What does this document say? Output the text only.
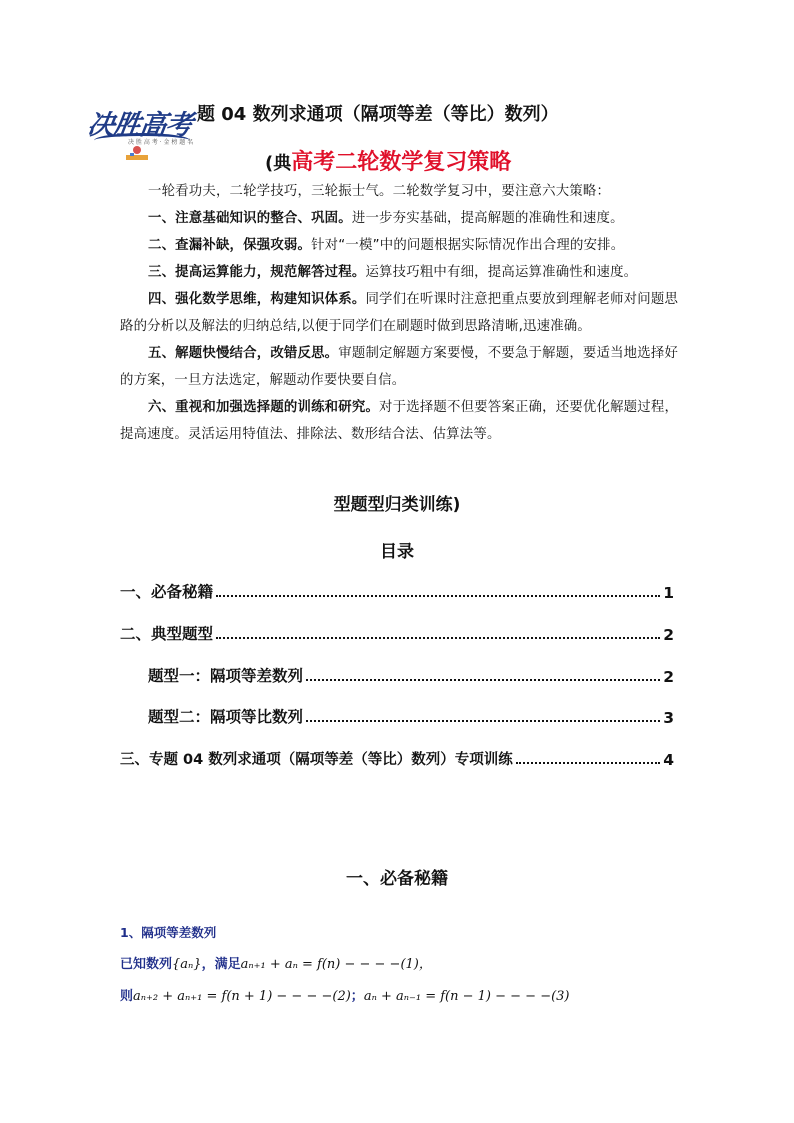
决胜高考
决 胜 高 考 · 金 榜 题 名
题 04 数列求通项（隔项等差（等比）数列）
(典高考二轮数学复习策略
一轮看功夫，二轮学技巧，三轮振士气。二轮数学复习中，要注意六大策略：
一、注意基础知识的整合、巩固。进一步夯实基础，提高解题的准确性和速度。
二、查漏补缺，保强攻弱。针对“一模”中的问题根据实际情况作出合理的安排。
三、提高运算能力，规范解答过程。运算技巧粗中有细，提高运算准确性和速度。
四、强化数学思维，构建知识体系。同学们在听课时注意把重点要放到理解老师对问题思路的分析以及解法的归纳总结,以便于同学们在刷题时做到思路清晰,迅速准确。
五、解题快慢结合，改错反思。审题制定解题方案要慢，不要急于解题，要适当地选择好的方案，一旦方法选定，解题动作要快要自信。
六、重视和加强选择题的训练和研究。对于选择题不但要答案正确，还要优化解题过程，提高速度。灵活运用特值法、排除法、数形结合法、估算法等。
型题型归类训练)
目录
一、必备秘籍	1
二、典型题型	2
题型一：隔项等差数列	2
题型二：隔项等比数列	3
三、专题 04 数列求通项（隔项等差（等比）数列）专项训练	4
一、必备秘籍
1、隔项等差数列
已知数列{aₙ}，满足aₙ₊₁ + aₙ = f(n) − − − −(1)，
则aₙ₊₂ + aₙ₊₁ = f(n + 1) − − − −(2)；aₙ + aₙ₋₁ = f(n − 1) − − − −(3)
